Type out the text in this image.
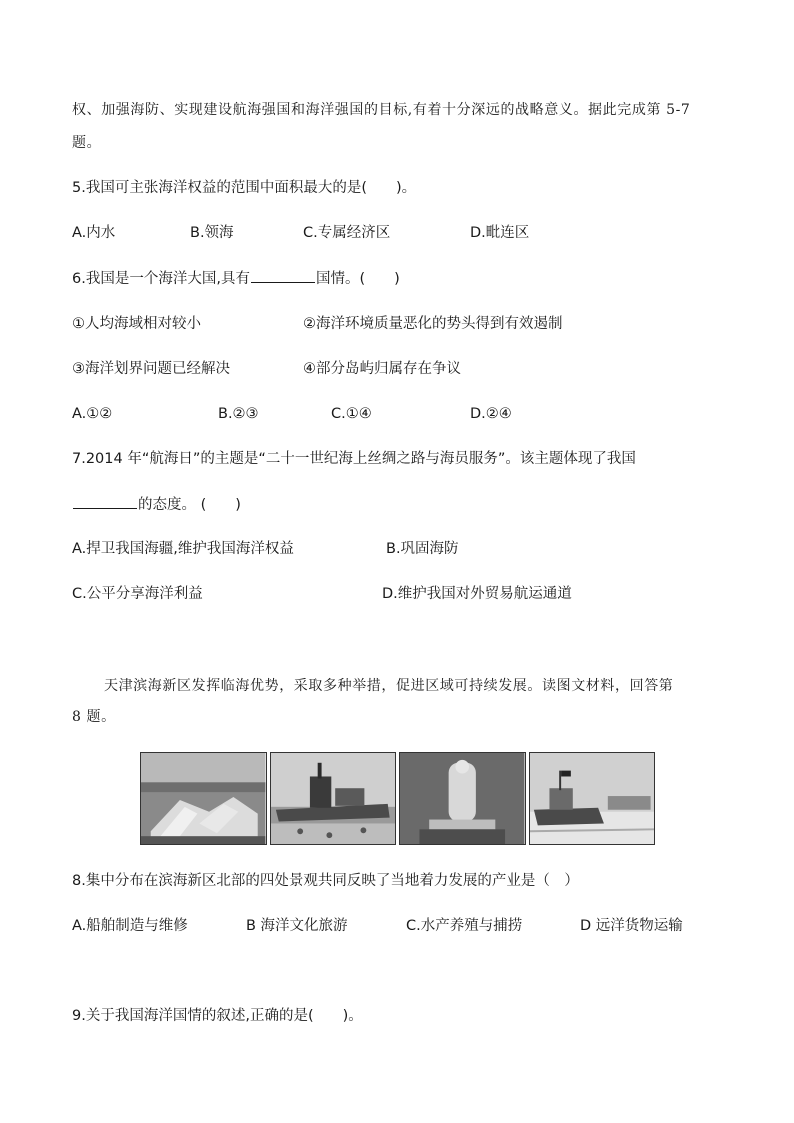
权、加强海防、实现建设航海强国和海洋强国的目标,有着十分深远的战略意义。据此完成第 5-7
题。
5.我国可主张海洋权益的范围中面积最大的是(　　)。
A.内水	B.领海	C.专属经济区	D.毗连区
6.我国是一个海洋大国,具有	国情。(　　)
①人均海域相对较小	②海洋环境质量恶化的势头得到有效遏制
③海洋划界问题已经解决	④部分岛屿归属存在争议
A.①②	B.②③	C.①④	D.②④
7.2014 年“航海日”的主题是“二十一世纪海上丝绸之路与海员服务”。该主题体现了我国
的态度。 (　　)
A.捍卫我国海疆,维护我国海洋权益	B.巩固海防
C.公平分享海洋利益	D.维护我国对外贸易航运通道
天津滨海新区发挥临海优势，采取多种举措，促进区域可持续发展。读图文材料，回答第
8 题。
8.集中分布在滨海新区北部的四处景观共同反映了当地着力发展的产业是（　）
A.船舶制造与维修	B 海洋文化旅游	C.水产养殖与捕捞	D 远洋货物运输
9.关于我国海洋国情的叙述,正确的是(　　)。
